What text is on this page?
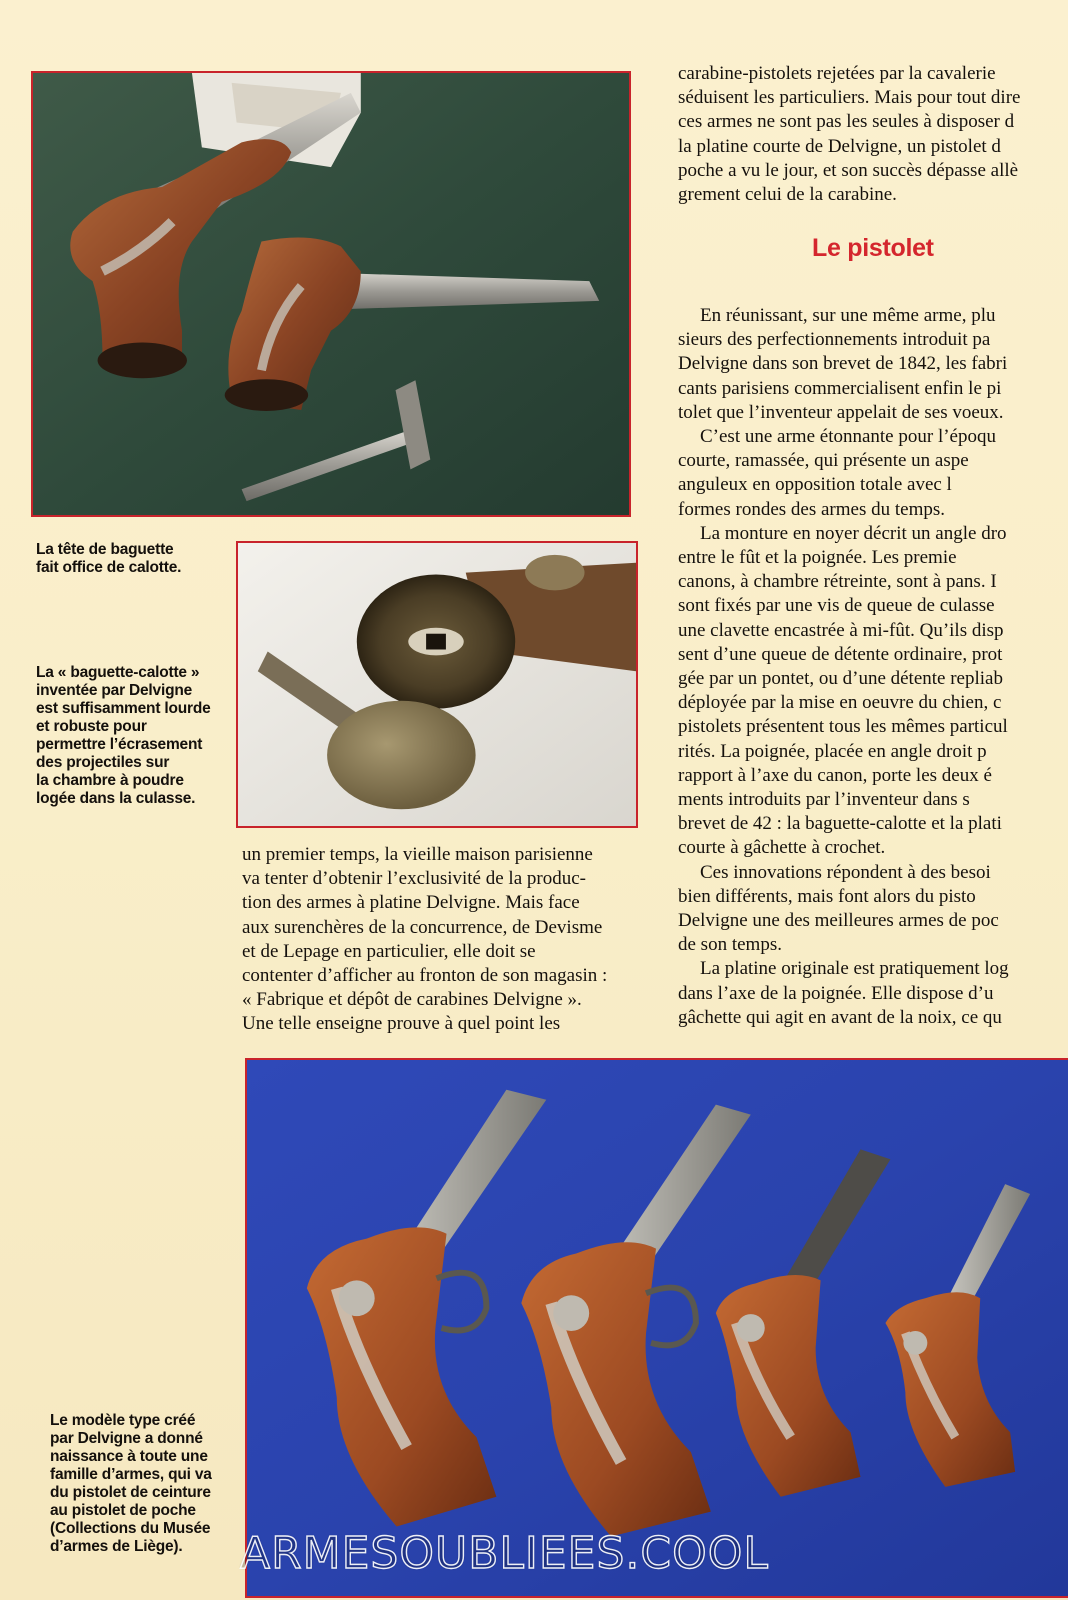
La tête de baguette
fait office de calotte.
La « baguette-calotte »
inventée par Delvigne
est suffisamment lourde
et robuste pour
permettre l’écrasement
des projectiles sur
la chambre à poudre
logée dans la culasse.
carabine-pistolets rejetées par la cavalerie
séduisent les particuliers. Mais pour tout dire
ces armes ne sont pas les seules à disposer d
la platine courte de Delvigne, un pistolet d
poche a vu le jour, et son succès dépasse allè
grement celui de la carabine.
Le pistolet
En réunissant, sur une même arme, plu
sieurs des perfectionnements introduit pa
Delvigne dans son brevet de 1842, les fabri
cants parisiens commercialisent enfin le pi
tolet que l’inventeur appelait de ses voeux.
C’est une arme étonnante pour l’époqu
courte, ramassée, qui présente un aspe
anguleux en opposition totale avec l
formes rondes des armes du temps.
La monture en noyer décrit un angle dro
entre le fût et la poignée. Les premie
canons, à chambre rétreinte, sont à pans. I
sont fixés par une vis de queue de culasse
une clavette encastrée à mi-fût. Qu’ils disp
sent d’une queue de détente ordinaire, prot
gée par un pontet, ou d’une détente repliab
déployée par la mise en oeuvre du chien, c
pistolets présentent tous les mêmes particul
rités. La poignée, placée en angle droit p
rapport à l’axe du canon, porte les deux é
ments introduits par l’inventeur dans s
brevet de 42 : la baguette-calotte et la plati
courte à gâchette à crochet.
Ces innovations répondent à des besoi
bien différents, mais font alors du pisto
Delvigne une des meilleures armes de poc
de son temps.
La platine originale est pratiquement log
dans l’axe de la poignée. Elle dispose d’u
gâchette qui agit en avant de la noix, ce qu
un premier temps, la vieille maison parisienne
va tenter d’obtenir l’exclusivité de la produc-
tion des armes à platine Delvigne. Mais face
aux surenchères de la concurrence, de Devisme
et de Lepage en particulier, elle doit se
contenter d’afficher au fronton de son magasin :
« Fabrique et dépôt de carabines Delvigne ».
Une telle enseigne prouve à quel point les
Le modèle type créé
par Delvigne a donné
naissance à toute une
famille d’armes, qui va
du pistolet de ceinture
au pistolet de poche
(Collections du Musée
d’armes de Liège).	ARMESOUBLIEES.COOL
